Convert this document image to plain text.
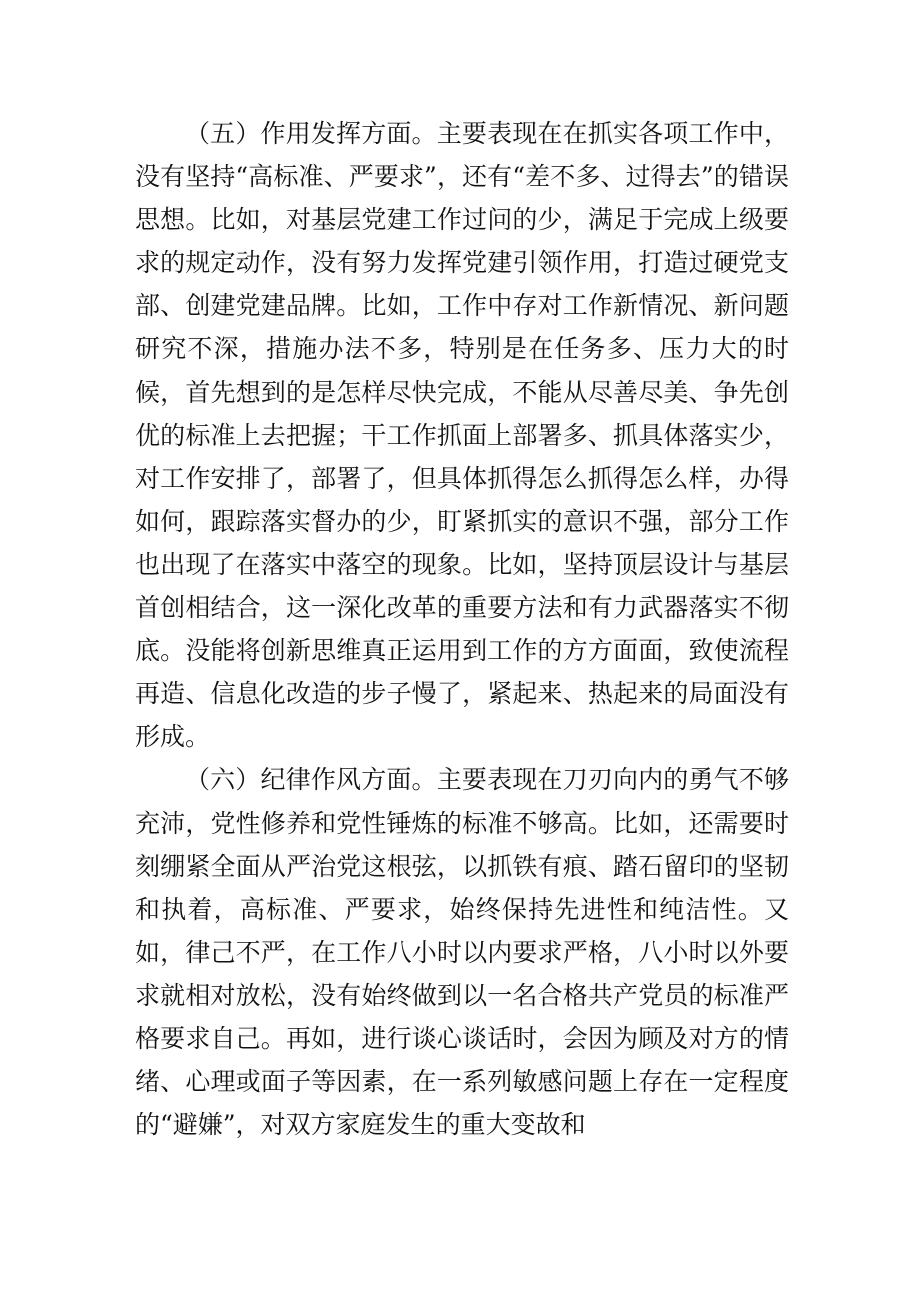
（五）作用发挥方面。主要表现在在抓实各项工作中，没有坚持“高标准、严要求”，还有“差不多、过得去”的错误思想。比如，对基层党建工作过问的少，满足于完成上级要求的规定动作，没有努力发挥党建引领作用，打造过硬党支部、创建党建品牌。比如，工作中存对工作新情况、新问题研究不深，措施办法不多，特别是在任务多、压力大的时候，首先想到的是怎样尽快完成，不能从尽善尽美、争先创优的标准上去把握；干工作抓面上部署多、抓具体落实少，对工作安排了，部署了，但具体抓得怎么抓得怎么样，办得如何，跟踪落实督办的少，盯紧抓实的意识不强，部分工作也出现了在落实中落空的现象。比如，坚持顶层设计与基层首创相结合，这一深化改革的重要方法和有力武器落实不彻底。没能将创新思维真正运用到工作的方方面面，致使流程再造、信息化改造的步子慢了，紧起来、热起来的局面没有形成。

（六）纪律作风方面。主要表现在刀刃向内的勇气不够充沛，党性修养和党性锤炼的标准不够高。比如，还需要时刻绷紧全面从严治党这根弦，以抓铁有痕、踏石留印的坚韧和执着，高标准、严要求，始终保持先进性和纯洁性。又如，律己不严，在工作八小时以内要求严格，八小时以外要求就相对放松，没有始终做到以一名合格共产党员的标准严格要求自己。再如，进行谈心谈话时，会因为顾及对方的情绪、心理或面子等因素，在一系列敏感问题上存在一定程度的“避嫌”，对双方家庭发生的重大变故和
